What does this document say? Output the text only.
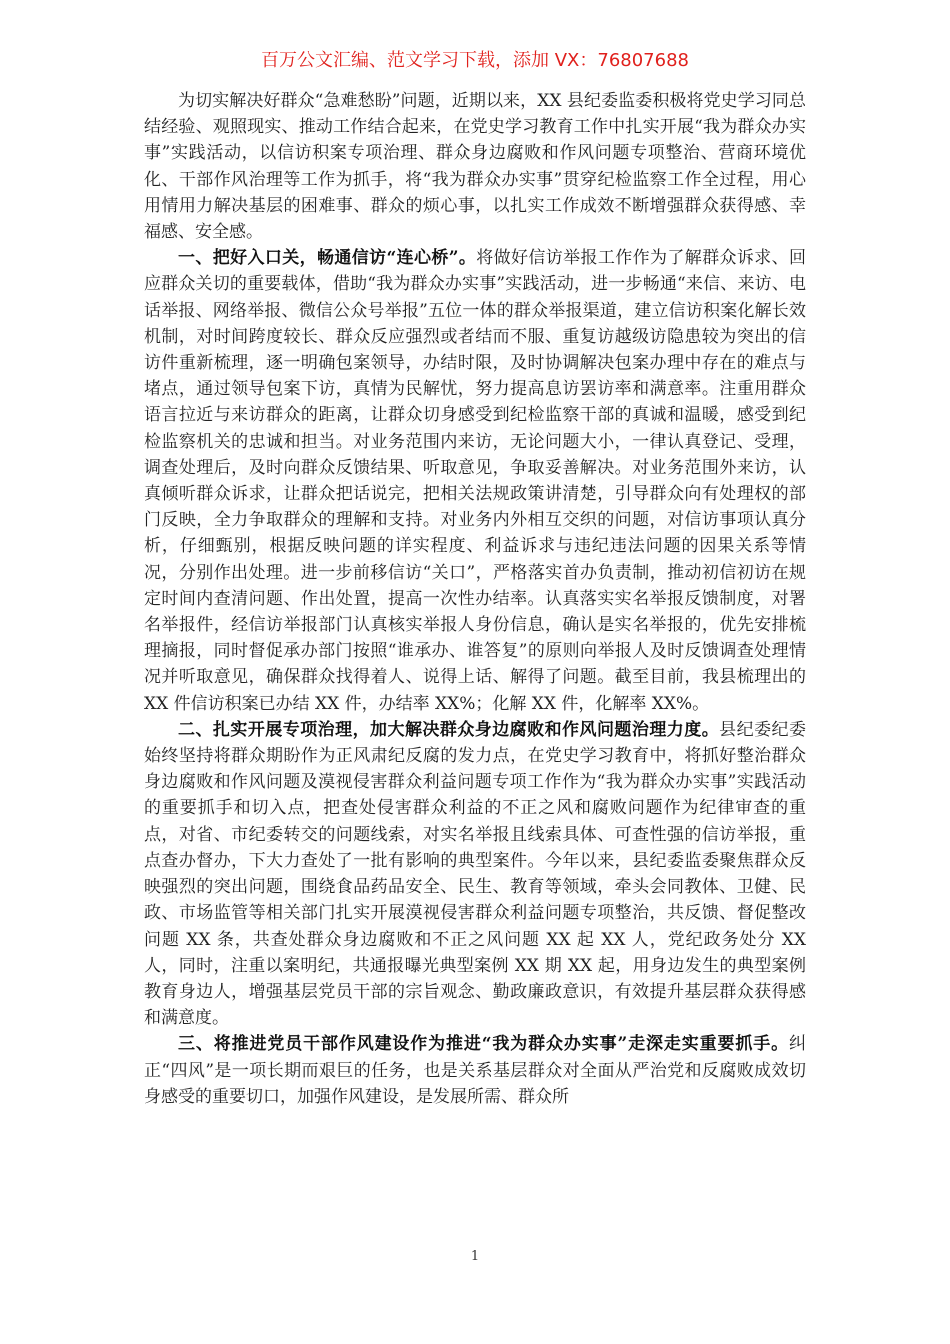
百万公文汇编、范文学习下载，添加 VX：76807688

为切实解决好群众“急难愁盼”问题，近期以来，XX 县纪委监委积极将党史学习同总结经验、观照现实、推动工作结合起来，在党史学习教育工作中扎实开展“我为群众办实事”实践活动，以信访积案专项治理、群众身边腐败和作风问题专项整治、营商环境优化、干部作风治理等工作为抓手，将“我为群众办实事”贯穿纪检监察工作全过程，用心用情用力解决基层的困难事、群众的烦心事，以扎实工作成效不断增强群众获得感、幸福感、安全感。

一、把好入口关，畅通信访“连心桥”。将做好信访举报工作作为了解群众诉求、回应群众关切的重要载体，借助“我为群众办实事”实践活动，进一步畅通“来信、来访、电话举报、网络举报、微信公众号举报”五位一体的群众举报渠道，建立信访积案化解长效机制，对时间跨度较长、群众反应强烈或者结而不服、重复访越级访隐患较为突出的信访件重新梳理，逐一明确包案领导，办结时限，及时协调解决包案办理中存在的难点与堵点，通过领导包案下访，真情为民解忧，努力提高息访罢访率和满意率。注重用群众语言拉近与来访群众的距离，让群众切身感受到纪检监察干部的真诚和温暖，感受到纪检监察机关的忠诚和担当。对业务范围内来访，无论问题大小，一律认真登记、受理，调查处理后，及时向群众反馈结果、听取意见，争取妥善解决。对业务范围外来访，认真倾听群众诉求，让群众把话说完，把相关法规政策讲清楚，引导群众向有处理权的部门反映，全力争取群众的理解和支持。对业务内外相互交织的问题，对信访事项认真分析，仔细甄别，根据反映问题的详实程度、利益诉求与违纪违法问题的因果关系等情况，分别作出处理。进一步前移信访“关口”，严格落实首办负责制，推动初信初访在规定时间内查清问题、作出处置，提高一次性办结率。认真落实实名举报反馈制度，对署名举报件，经信访举报部门认真核实举报人身份信息，确认是实名举报的，优先安排梳理摘报，同时督促承办部门按照“谁承办、谁答复”的原则向举报人及时反馈调查处理情况并听取意见，确保群众找得着人、说得上话、解得了问题。截至目前，我县梳理出的 XX 件信访积案已办结 XX 件，办结率 XX%；化解 XX 件，化解率 XX%。

二、扎实开展专项治理，加大解决群众身边腐败和作风问题治理力度。县纪委纪委始终坚持将群众期盼作为正风肃纪反腐的发力点，在党史学习教育中，将抓好整治群众身边腐败和作风问题及漠视侵害群众利益问题专项工作作为“我为群众办实事”实践活动的重要抓手和切入点，把查处侵害群众利益的不正之风和腐败问题作为纪律审查的重点，对省、市纪委转交的问题线索，对实名举报且线索具体、可查性强的信访举报，重点查办督办，下大力查处了一批有影响的典型案件。今年以来，县纪委监委聚焦群众反映强烈的突出问题，围绕食品药品安全、民生、教育等领域，牵头会同教体、卫健、民政、市场监管等相关部门扎实开展漠视侵害群众利益问题专项整治，共反馈、督促整改问题 XX 条，共查处群众身边腐败和不正之风问题 XX 起 XX 人，党纪政务处分 XX 人，同时，注重以案明纪，共通报曝光典型案例 XX 期 XX 起，用身边发生的典型案例教育身边人，增强基层党员干部的宗旨观念、勤政廉政意识，有效提升基层群众获得感和满意度。

三、将推进党员干部作风建设作为推进“我为群众办实事”走深走实重要抓手。纠正“四风”是一项长期而艰巨的任务，也是关系基层群众对全面从严治党和反腐败成效切身感受的重要切口，加强作风建设，是发展所需、群众所

1
